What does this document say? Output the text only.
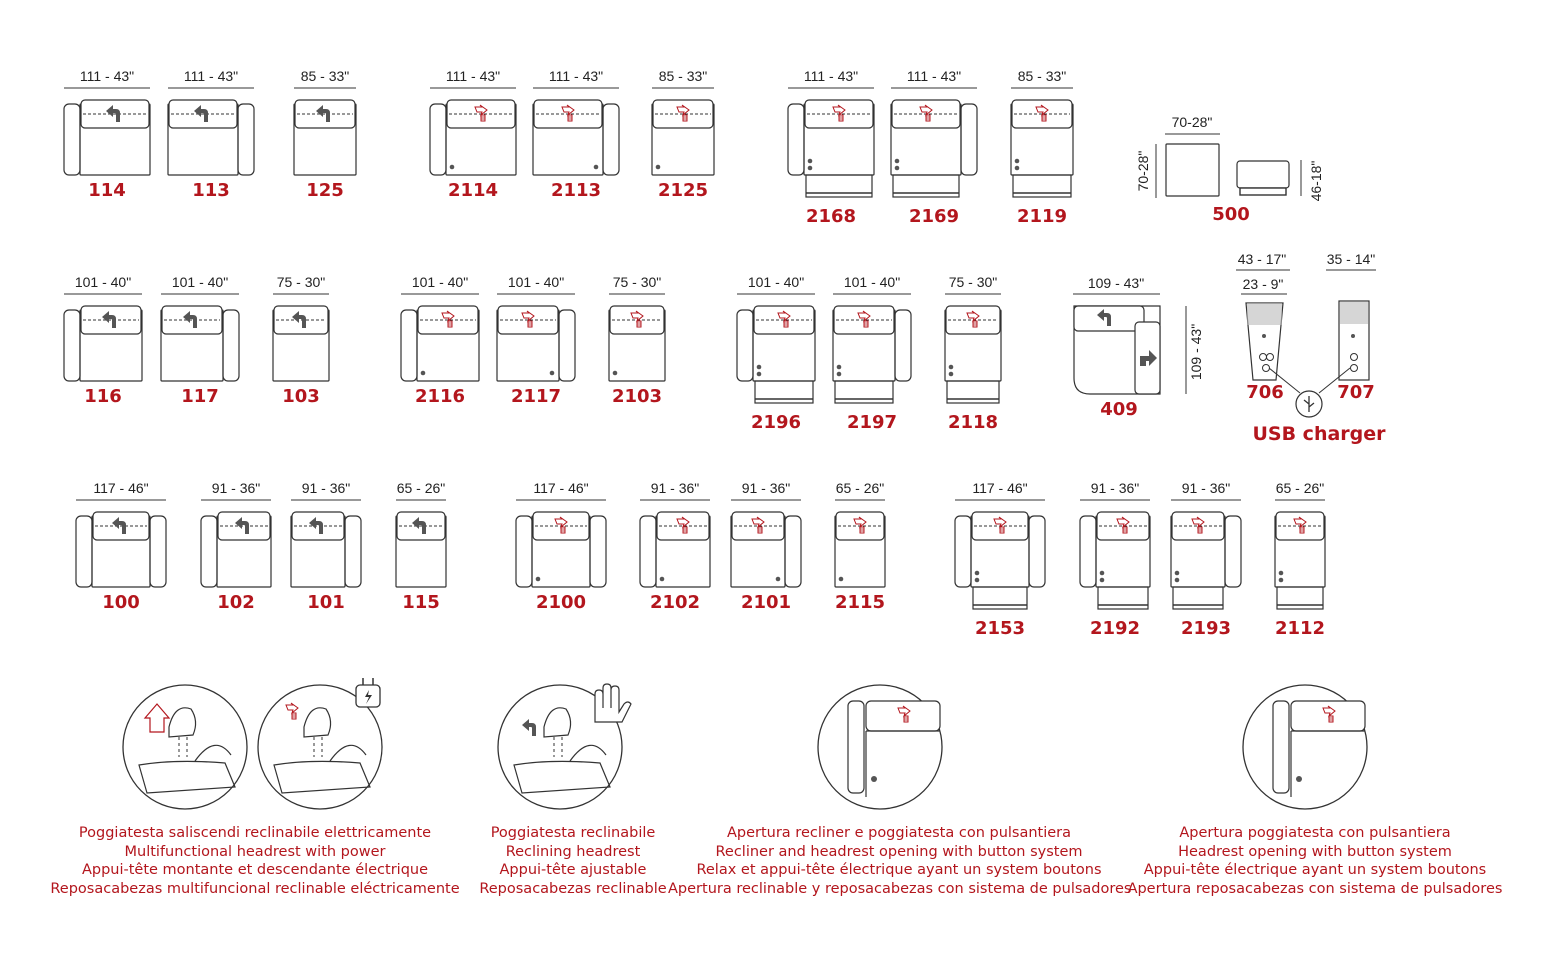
111 - 43"
114
111 - 43"
113
85 - 33"
125
111 - 43"
2114
111 - 43"
2113
85 - 33"
2125
111 - 43"
2168
111 - 43"
2169
85 - 33"
2119
101 - 40"
116
101 - 40"
117
75 - 30"
103
101 - 40"
2116
101 - 40"
2117
75 - 30"
2103
101 - 40"
2196
101 - 40"
2197
75 - 30"
2118
117 - 46"
100
91 - 36"
102
91 - 36"
101
65 - 26"
115
117 - 46"
2100
91 - 36"
2102
91 - 36"
2101
65 - 26"
2115
117 - 46"
2153
91 - 36"
2192
91 - 36"
2193
65 - 26"
2112
70-28"
70-28"	46-18"
500
109 - 43"
109 - 43"
409
43 - 17"
23 - 9"
35 - 14"
706	707
USB charger
Poggiatesta saliscendi reclinabile elettricamente
Multifunctional headrest with power
Appui-tête montante et descendante électrique
Reposacabezas multifuncional reclinable eléctricamente
Poggiatesta reclinabile
Reclining headrest
Appui-tête ajustable
Reposacabezas reclinable
Apertura recliner e poggiatesta con pulsantiera
Recliner and headrest opening with button system
Relax et appui-tête électrique ayant un system boutons
Apertura reclinable y reposacabezas con sistema de pulsadores
Apertura poggiatesta con pulsantiera
Headrest opening with button system
Appui-tête électrique ayant un system boutons
Apertura reposacabezas con sistema de pulsadores
